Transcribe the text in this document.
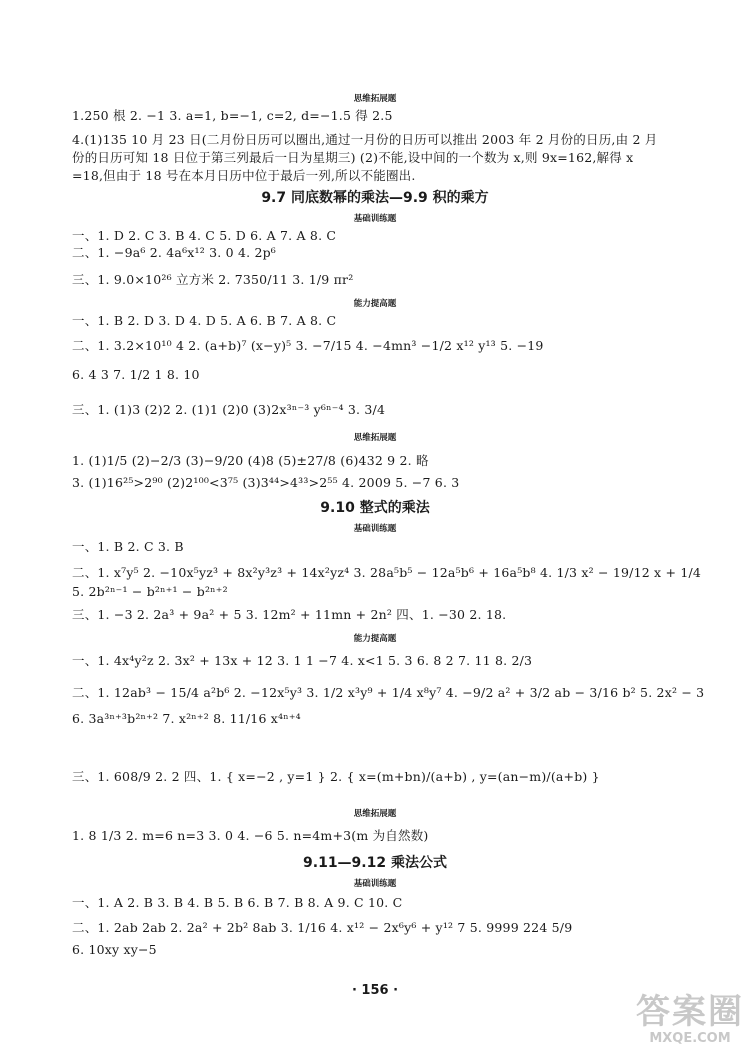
思维拓展题
1.250 根 2. −1 3. a=1, b=−1, c=2, d=−1.5 得 2.5
4.(1)135 10 月 23 日(二月份日历可以圈出,通过一月份的日历可以推出 2003 年 2 月份的日历,由 2 月
份的日历可知 18 日位于第三列最后一日为星期三) (2)不能,设中间的一个数为 x,则 9x=162,解得 x
=18,但由于 18 号在本月日历中位于最后一列,所以不能圈出.
9.7 同底数幂的乘法—9.9 积的乘方
基础训练题
一、1. D 2. C 3. B 4. C 5. D 6. A 7. A 8. C
二、1. −9a⁶ 2. 4a⁶x¹² 3. 0 4. 2p⁶
三、1. 9.0×10²⁶ 立方米 2. 7350/11 3. 1/9 πr²
能力提高题
一、1. B 2. D 3. D 4. D 5. A 6. B 7. A 8. C
二、1. 3.2×10¹⁰ 4 2. (a+b)⁷ (x−y)⁵ 3. −7/15 4. −4mn³ −1/2 x¹² y¹³ 5. −19
6. 4 3 7. 1/2 1 8. 10
三、1. (1)3 (2)2 2. (1)1 (2)0 (3)2x³ⁿ⁻³ y⁶ⁿ⁻⁴ 3. 3/4
思维拓展题
1. (1)1/5 (2)−2/3 (3)−9/20 (4)8 (5)±27/8 (6)432 9 2. 略
3. (1)16²⁵>2⁹⁰ (2)2¹⁰⁰<3⁷⁵ (3)3⁴⁴>4³³>2⁵⁵ 4. 2009 5. −7 6. 3
9.10 整式的乘法
基础训练题
一、1. B 2. C 3. B
二、1. x⁷y⁵ 2. −10x⁵yz³ + 8x²y³z³ + 14x²yz⁴ 3. 28a⁵b⁵ − 12a⁵b⁶ + 16a⁵b⁸ 4. 1/3 x² − 19/12 x + 1/4
5. 2b²ⁿ⁻¹ − b²ⁿ⁺¹ − b²ⁿ⁺²
三、1. −3 2. 2a³ + 9a² + 5 3. 12m² + 11mn + 2n² 四、1. −30 2. 18.
能力提高题
一、1. 4x⁴y²z 2. 3x² + 13x + 12 3. 1 1 −7 4. x<1 5. 3 6. 8 2 7. 11 8. 2/3
二、1. 12ab³ − 15/4 a²b⁶ 2. −12x⁵y³ 3. 1/2 x³y⁹ + 1/4 x⁸y⁷ 4. −9/2 a² + 3/2 ab − 3/16 b² 5. 2x² − 3
6. 3a³ⁿ⁺³b²ⁿ⁺² 7. x²ⁿ⁺² 8. 11/16 x⁴ⁿ⁺⁴
三、1. 608/9 2. 2 四、1. { x=−2 , y=1 } 2. { x=(m+bn)/(a+b) , y=(an−m)/(a+b) }
思维拓展题
1. 8 1/3 2. m=6 n=3 3. 0 4. −6 5. n=4m+3(m 为自然数)
9.11—9.12 乘法公式
基础训练题
一、1. A 2. B 3. B 4. B 5. B 6. B 7. B 8. A 9. C 10. C
二、1. 2ab 2ab 2. 2a² + 2b² 8ab 3. 1/16 4. x¹² − 2x⁶y⁶ + y¹² 7 5. 9999 224 5/9
6. 10xy xy−5
· 156 ·
答案圈
MXQE.COM
